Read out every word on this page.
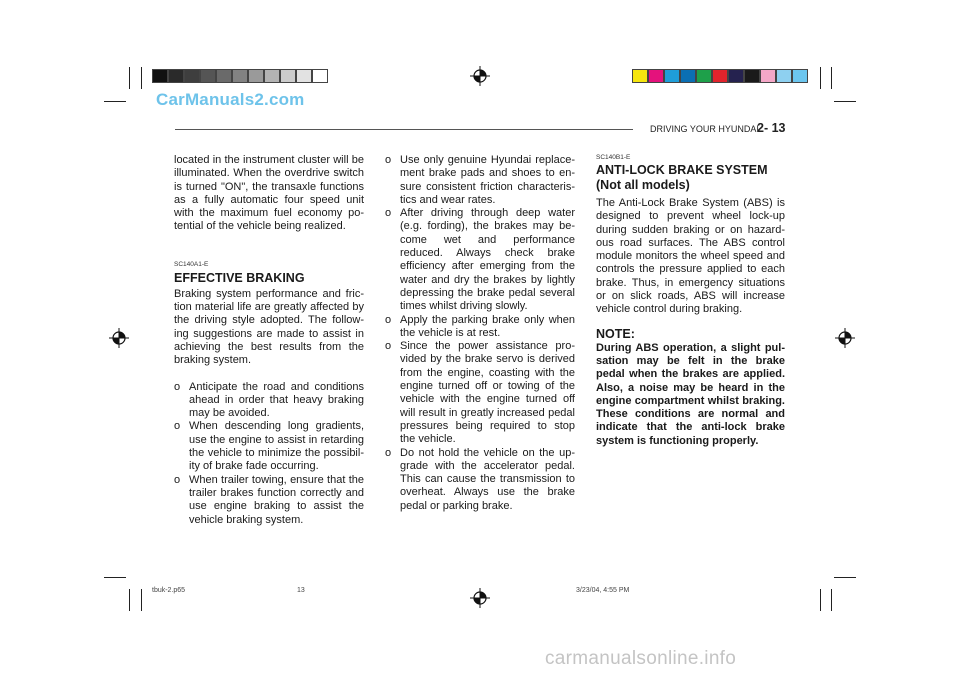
CarManuals2.com
DRIVING YOUR HYUNDAI
2- 13

located in the instrument cluster will be illuminated. When the overdrive switch is turned "ON", the transaxle functions as a fully automatic four speed unit with the maximum fuel economy po-tential of the vehicle being realized.

SC140A1-E

EFFECTIVE BRAKING

Braking system performance and fric-tion material life are greatly affected by the driving style adopted. The follow-ing suggestions are made to assist in achieving the best results from the braking system.

o Anticipate the road and conditions ahead in order that heavy braking may be avoided.
o When descending long gradients, use the engine to assist in retarding the vehicle to minimize the possibil-ity of brake fade occurring.
o When trailer towing, ensure that the trailer brakes function correctly and use engine braking to assist the vehicle braking system.
o Use only genuine Hyundai replace-ment brake pads and shoes to en-sure consistent friction characteris-tics and wear rates.
o After driving through deep water (e.g. fording), the brakes may be-come wet and performance reduced. Always check brake efficiency after emerging from the water and dry the brakes by lightly depressing the brake pedal several times whilst driving slowly.
o Apply the parking brake only when the vehicle is at rest.
o Since the power assistance pro-vided by the brake servo is derived from the engine, coasting with the engine turned off or towing of the vehicle with the engine turned off will result in greatly increased pedal pressures being required to stop the vehicle.
o Do not hold the vehicle on the up-grade with the accelerator pedal. This can cause the transmission to overheat. Always use the brake pedal or parking brake.

SC140B1-E

ANTI-LOCK BRAKE SYSTEM

(Not all models)

The Anti-Lock Brake System (ABS) is designed to prevent wheel lock-up during sudden braking or on hazard-ous road surfaces. The ABS control module monitors the wheel speed and controls the pressure applied to each brake. Thus, in emergency situations or on slick roads, ABS will increase vehicle control during braking.

NOTE:

During ABS operation, a slight pul-sation may be felt in the brake pedal when the brakes are applied. Also, a noise may be heard in the engine compartment whilst braking. These conditions are normal and indicate that the anti-lock brake system is functioning properly.

tbuk-2.p65	13	3/23/04, 4:55 PM
carmanualsonline.info
